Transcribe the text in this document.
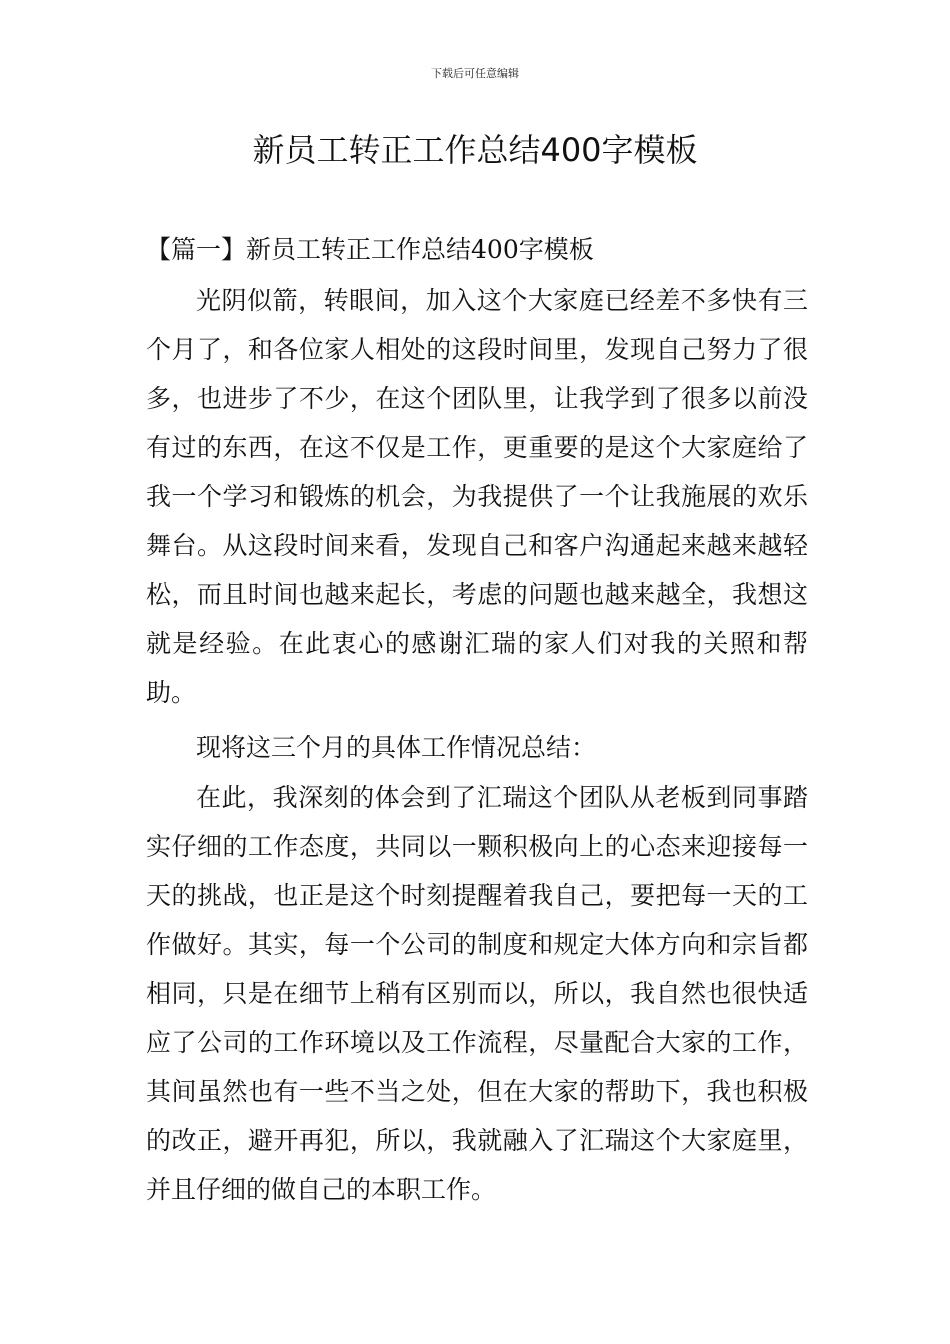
下载后可任意编辑
新员工转正工作总结400字模板
【篇一】新员工转正工作总结400字模板

光阴似箭，转眼间，加入这个大家庭已经差不多快有三个月了，和各位家人相处的这段时间里，发现自己努力了很多，也进步了不少，在这个团队里，让我学到了很多以前没有过的东西，在这不仅是工作，更重要的是这个大家庭给了我一个学习和锻炼的机会，为我提供了一个让我施展的欢乐舞台。从这段时间来看，发现自己和客户沟通起来越来越轻松，而且时间也越来起长，考虑的问题也越来越全，我想这就是经验。在此衷心的感谢汇瑞的家人们对我的关照和帮助。

现将这三个月的具体工作情况总结：

在此，我深刻的体会到了汇瑞这个团队从老板到同事踏实仔细的工作态度，共同以一颗积极向上的心态来迎接每一天的挑战，也正是这个时刻提醒着我自己，要把每一天的工作做好。其实，每一个公司的制度和规定大体方向和宗旨都相同，只是在细节上稍有区别而以，所以，我自然也很快适应了公司的工作环境以及工作流程，尽量配合大家的工作，其间虽然也有一些不当之处，但在大家的帮助下，我也积极的改正，避开再犯，所以，我就融入了汇瑞这个大家庭里，并且仔细的做自己的本职工作。
